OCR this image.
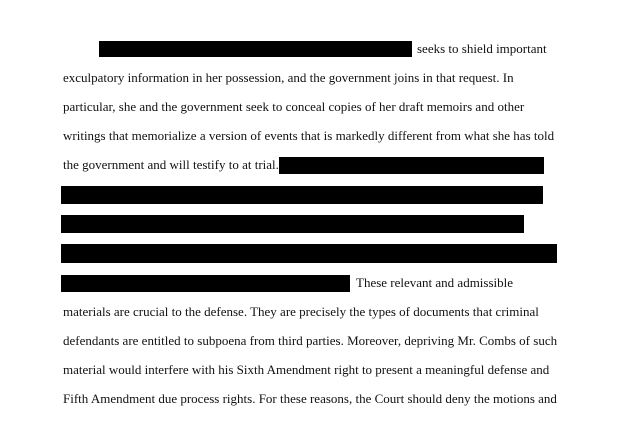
seeks to shield important
exculpatory information in her possession, and the government joins in that request. In
particular, she and the government seek to conceal copies of her draft memoirs and other
writings that memorialize a version of events that is markedly different from what she has told
the government and will testify to at trial.
These relevant and admissible
materials are crucial to the defense. They are precisely the types of documents that criminal
defendants are entitled to subpoena from third parties. Moreover, depriving Mr. Combs of such
material would interfere with his Sixth Amendment right to present a meaningful defense and
Fifth Amendment due process rights. For these reasons, the Court should deny the motions and
